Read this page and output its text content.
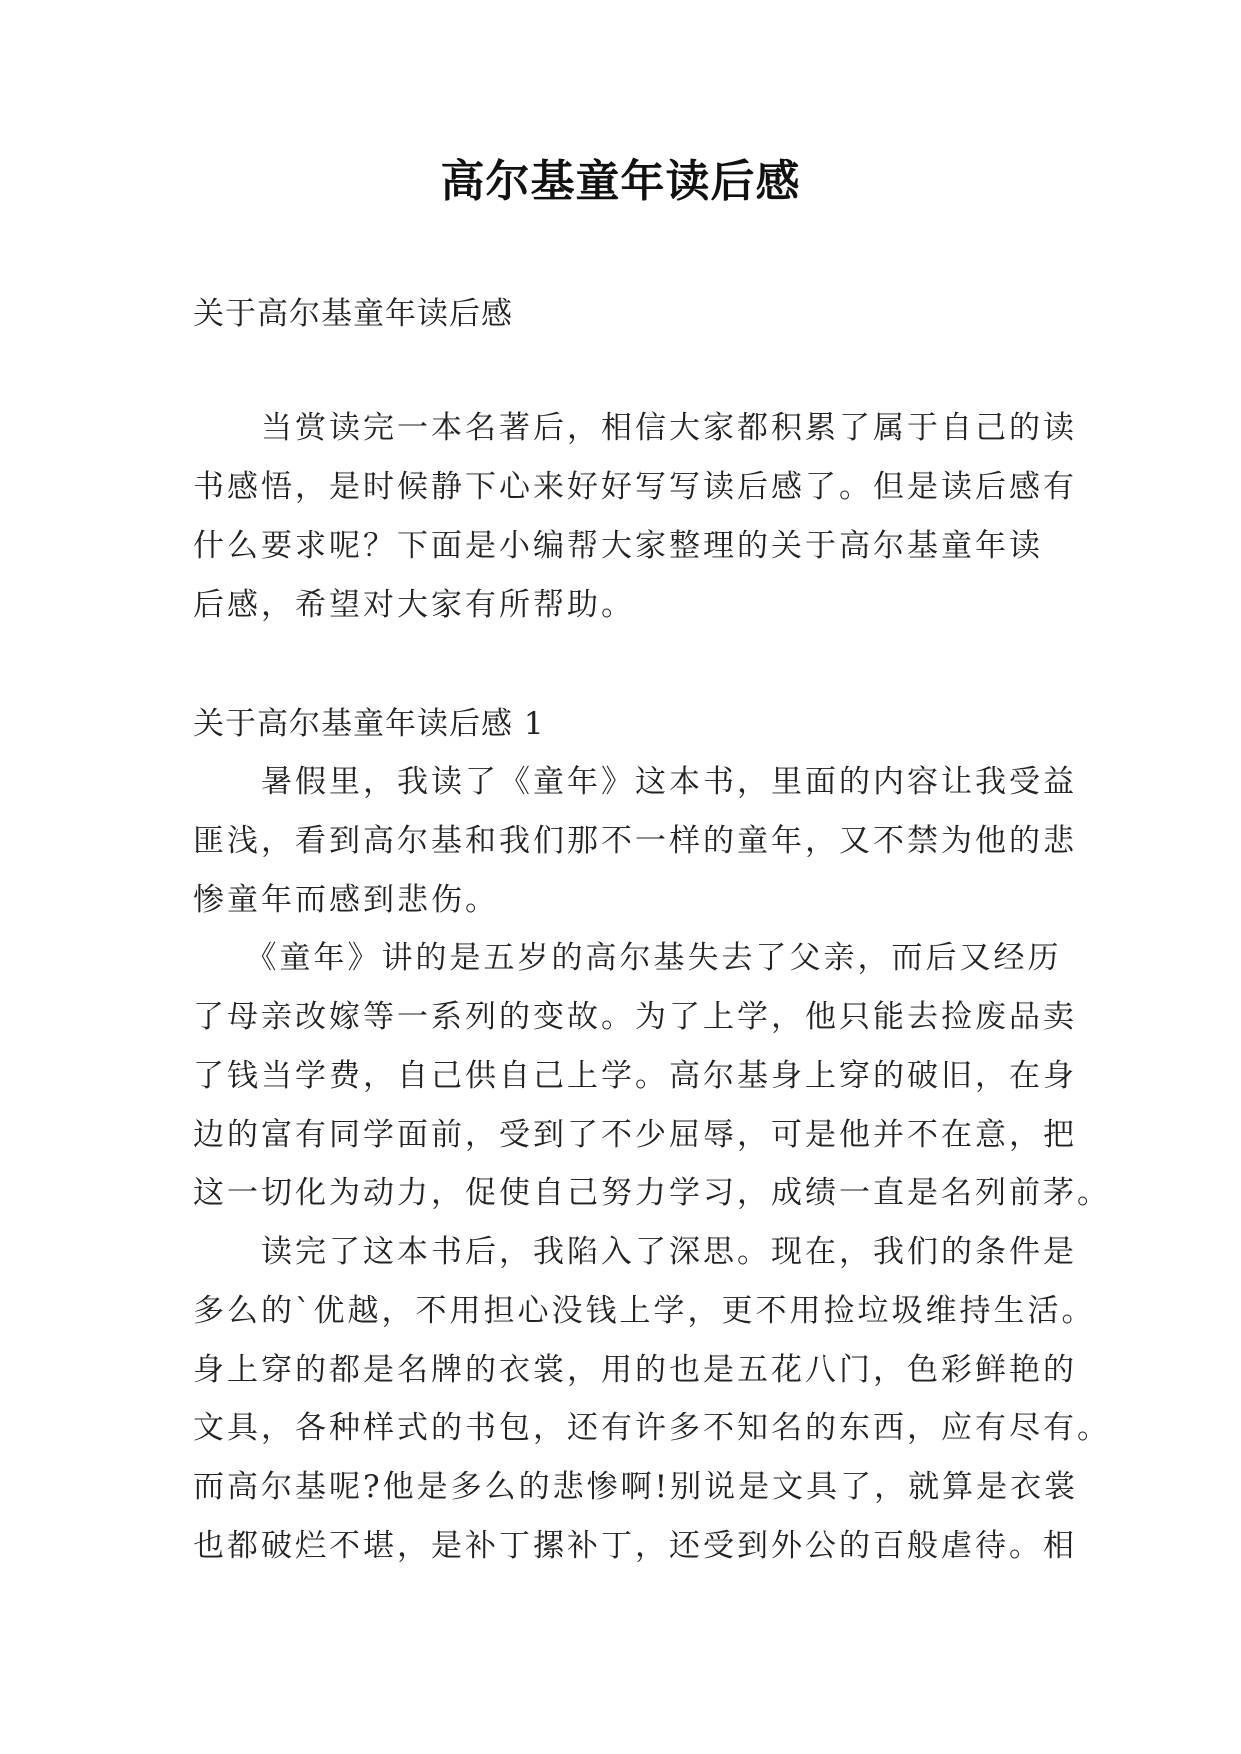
高尔基童年读后感
关于高尔基童年读后感
　　当赏读完一本名著后，相信大家都积累了属于自己的读
书感悟，是时候静下心来好好写写读后感了。但是读后感有
什么要求呢？下面是小编帮大家整理的关于高尔基童年读
后感，希望对大家有所帮助。
关于高尔基童年读后感 1
　　暑假里，我读了《童年》这本书，里面的内容让我受益
匪浅，看到高尔基和我们那不一样的童年，又不禁为他的悲
惨童年而感到悲伤。
　　《童年》讲的是五岁的高尔基失去了父亲，而后又经历
了母亲改嫁等一系列的变故。为了上学，他只能去捡废品卖
了钱当学费，自己供自己上学。高尔基身上穿的破旧，在身
边的富有同学面前，受到了不少屈辱，可是他并不在意，把
这一切化为动力，促使自己努力学习，成绩一直是名列前茅。
　　读完了这本书后，我陷入了深思。现在，我们的条件是
多么的`优越，不用担心没钱上学，更不用捡垃圾维持生活。
身上穿的都是名牌的衣裳，用的也是五花八门，色彩鲜艳的
文具，各种样式的书包，还有许多不知名的东西，应有尽有。
而高尔基呢?他是多么的悲惨啊!别说是文具了，就算是衣裳
也都破烂不堪，是补丁摞补丁，还受到外公的百般虐待。相
